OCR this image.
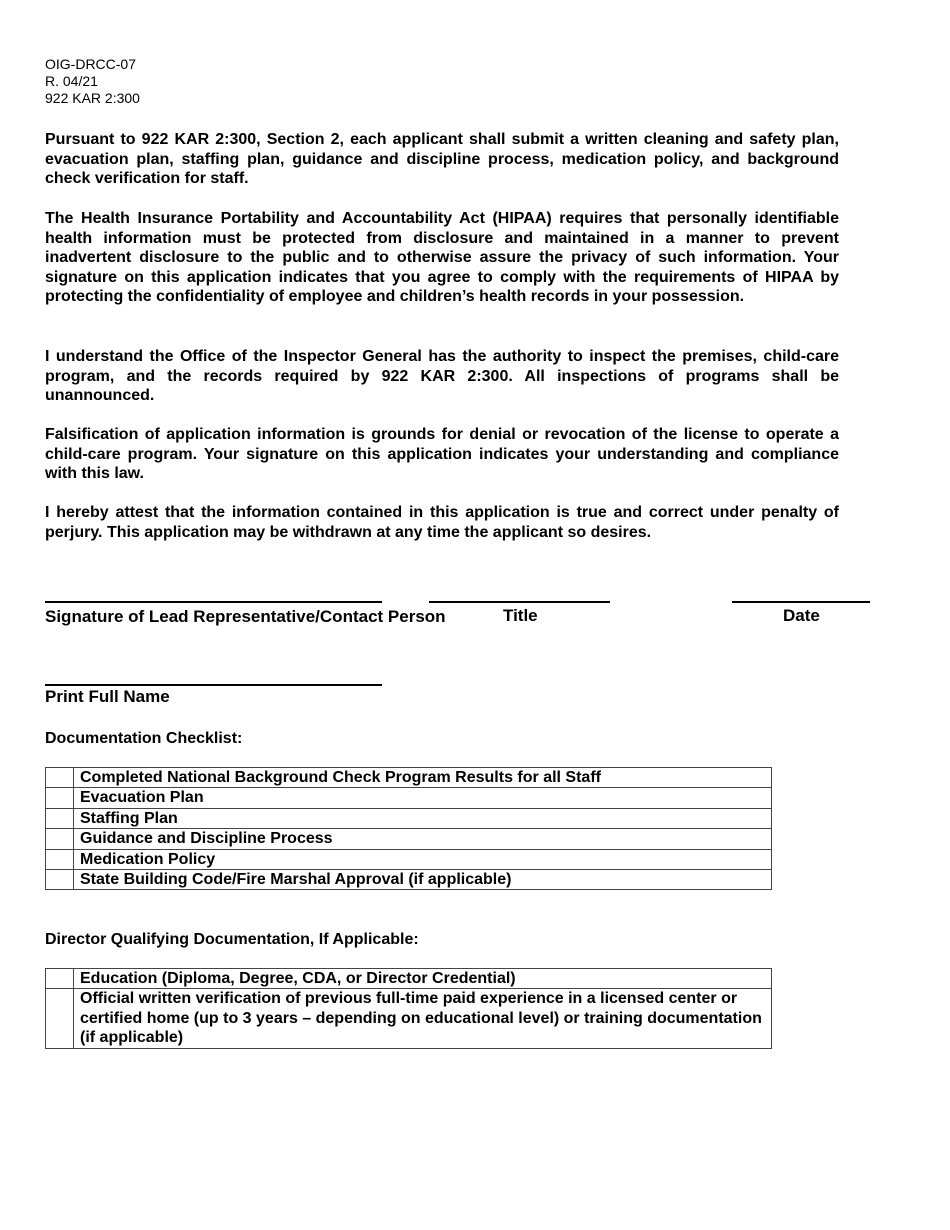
OIG-DRCC-07
R. 04/21
922 KAR 2:300

Pursuant to 922 KAR 2:300, Section 2, each applicant shall submit a written cleaning and safety plan, evacuation plan, staffing plan, guidance and discipline process, medication policy, and background check verification for staff.

The Health Insurance Portability and Accountability Act (HIPAA) requires that personally identifiable health information must be protected from disclosure and maintained in a manner to prevent inadvertent disclosure to the public and to otherwise assure the privacy of such information. Your signature on this application indicates that you agree to comply with the requirements of HIPAA by protecting the confidentiality of employee and children’s health records in your possession.

I understand the Office of the Inspector General has the authority to inspect the premises, child-care program, and the records required by 922 KAR 2:300. All inspections of programs shall be unannounced.

Falsification of application information is grounds for denial or revocation of the license to operate a child-care program. Your signature on this application indicates your understanding and compliance with this law.

I hereby attest that the information contained in this application is true and correct under penalty of perjury. This application may be withdrawn at any time the applicant so desires.

Signature of Lead Representative/Contact Person	Title	Date
Print Full Name
Documentation Checklist:
	Completed National Background Check Program Results for all Staff
	Evacuation Plan
	Staffing Plan
	Guidance and Discipline Process
	Medication Policy
	State Building Code/Fire Marshal Approval (if applicable)
Director Qualifying Documentation, If Applicable:
	Education (Diploma, Degree, CDA, or Director Credential)
	Official written verification of previous full-time paid experience in a licensed center or certified home (up to 3 years – depending on educational level) or training documentation (if applicable)
